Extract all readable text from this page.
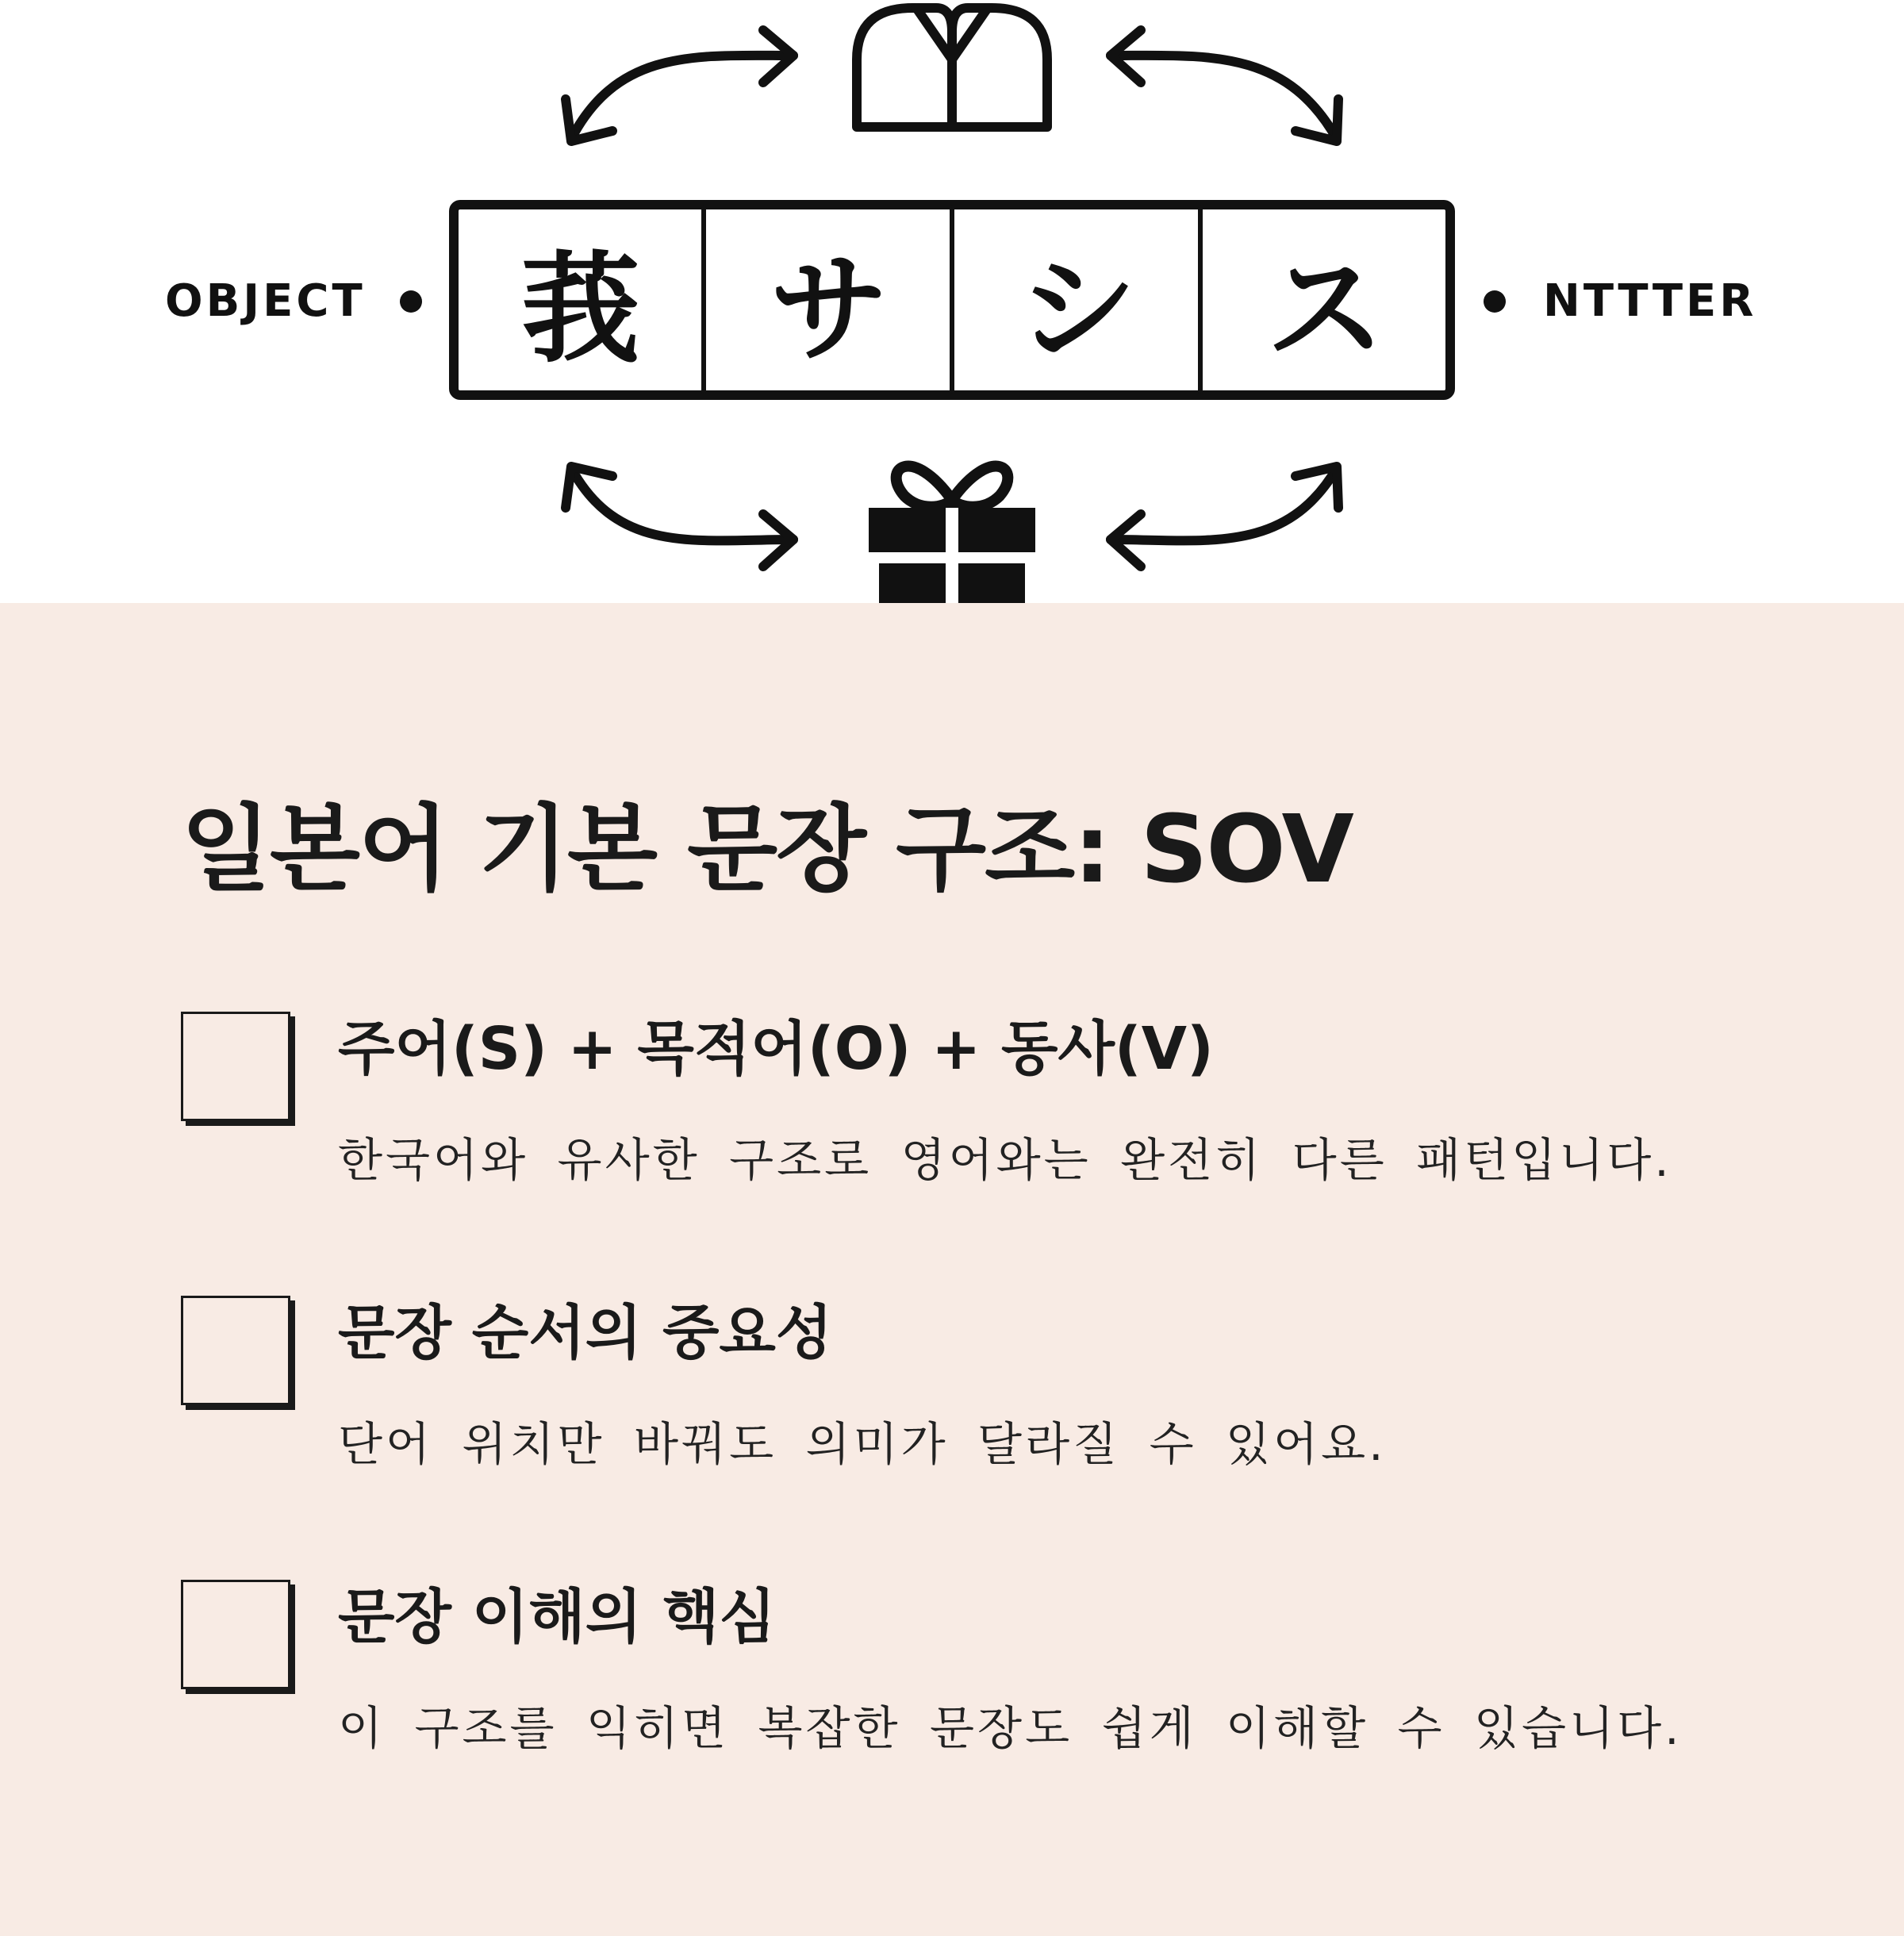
OBJECT	NTTTER
莪	サ	シ	ス
일본어 기본 문장 구조: SOV
주어(S) + 목적어(O) + 동사(V)
한국어와 유사한 구조로 영어와는 완전히 다른 패턴입니다.
문장 순서의 중요성
단어 위치만 바꿔도 의미가 달라질 수 있어요.
문장 이해의 핵심
이 구조를 익히면 복잡한 문장도 쉽게 이해할 수 있습니다.
